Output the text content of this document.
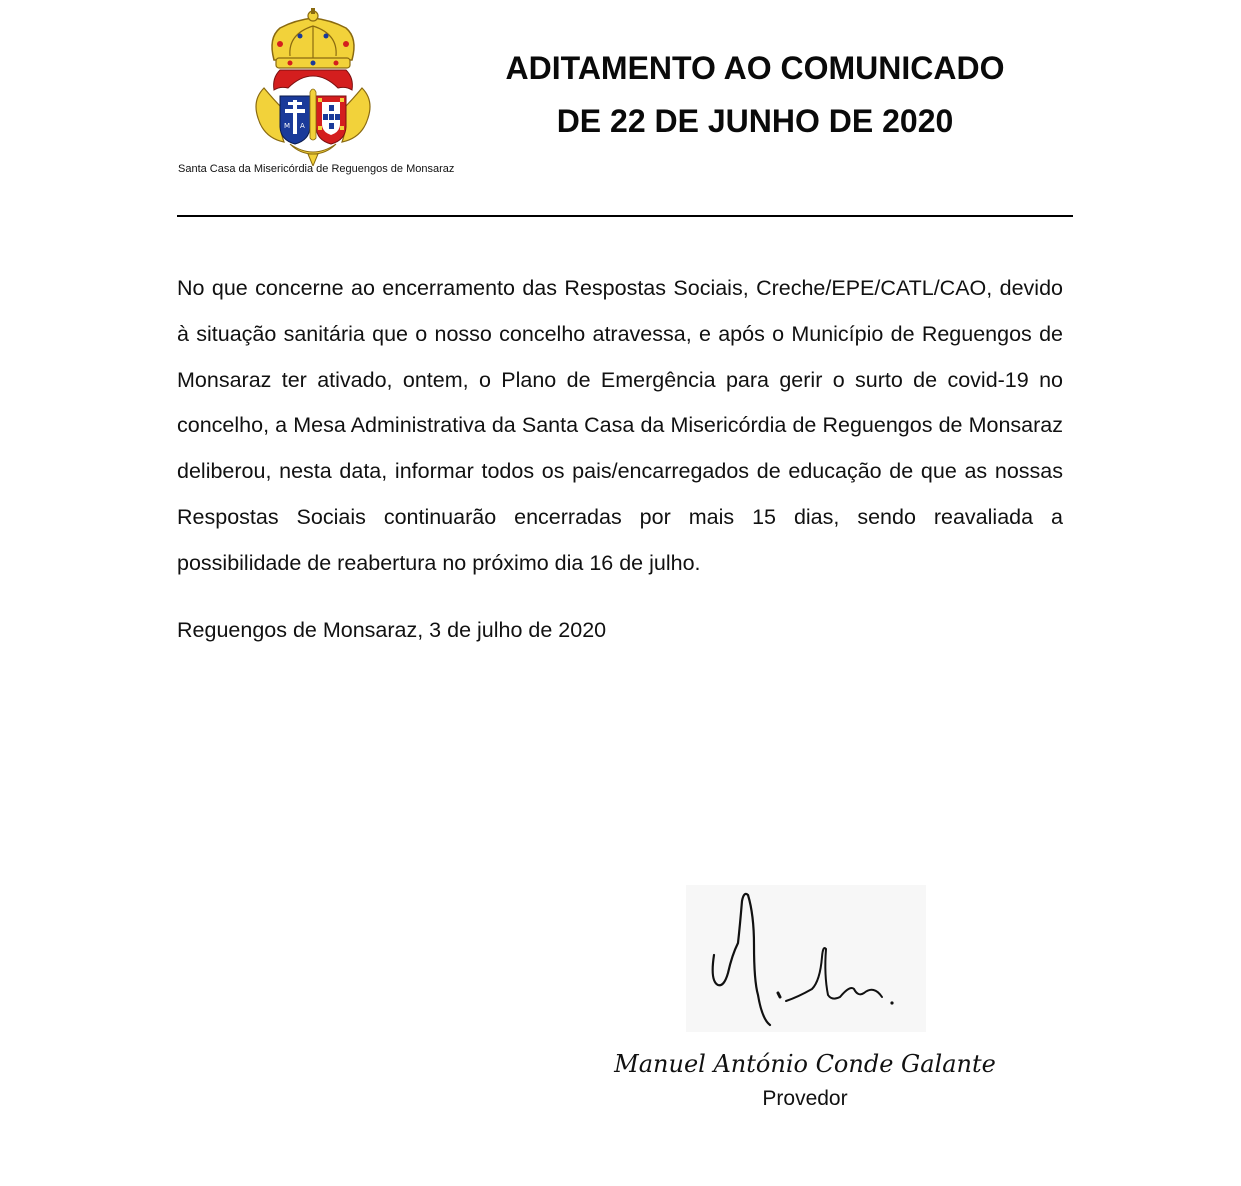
M A
Santa Casa da Misericórdia de Reguengos de Monsaraz
ADITAMENTO AO COMUNICADO
DE 22 DE JUNHO DE 2020

No que concerne ao encerramento das Respostas Sociais, Creche/EPE/CATL/CAO, devido à situação sanitária que o nosso concelho atravessa, e após o Município de Reguengos de Monsaraz ter ativado, ontem, o Plano de Emergência para gerir o surto de covid-19 no concelho, a Mesa Administrativa da Santa Casa da Misericórdia de Reguengos de Monsaraz deliberou, nesta data, informar todos os pais/encarregados de educação de que as nossas Respostas Sociais continuarão encerradas por mais 15 dias, sendo reavaliada a possibilidade de reabertura no próximo dia 16 de julho.

Reguengos de Monsaraz, 3 de julho de 2020
Manuel António Conde Galante
Provedor
